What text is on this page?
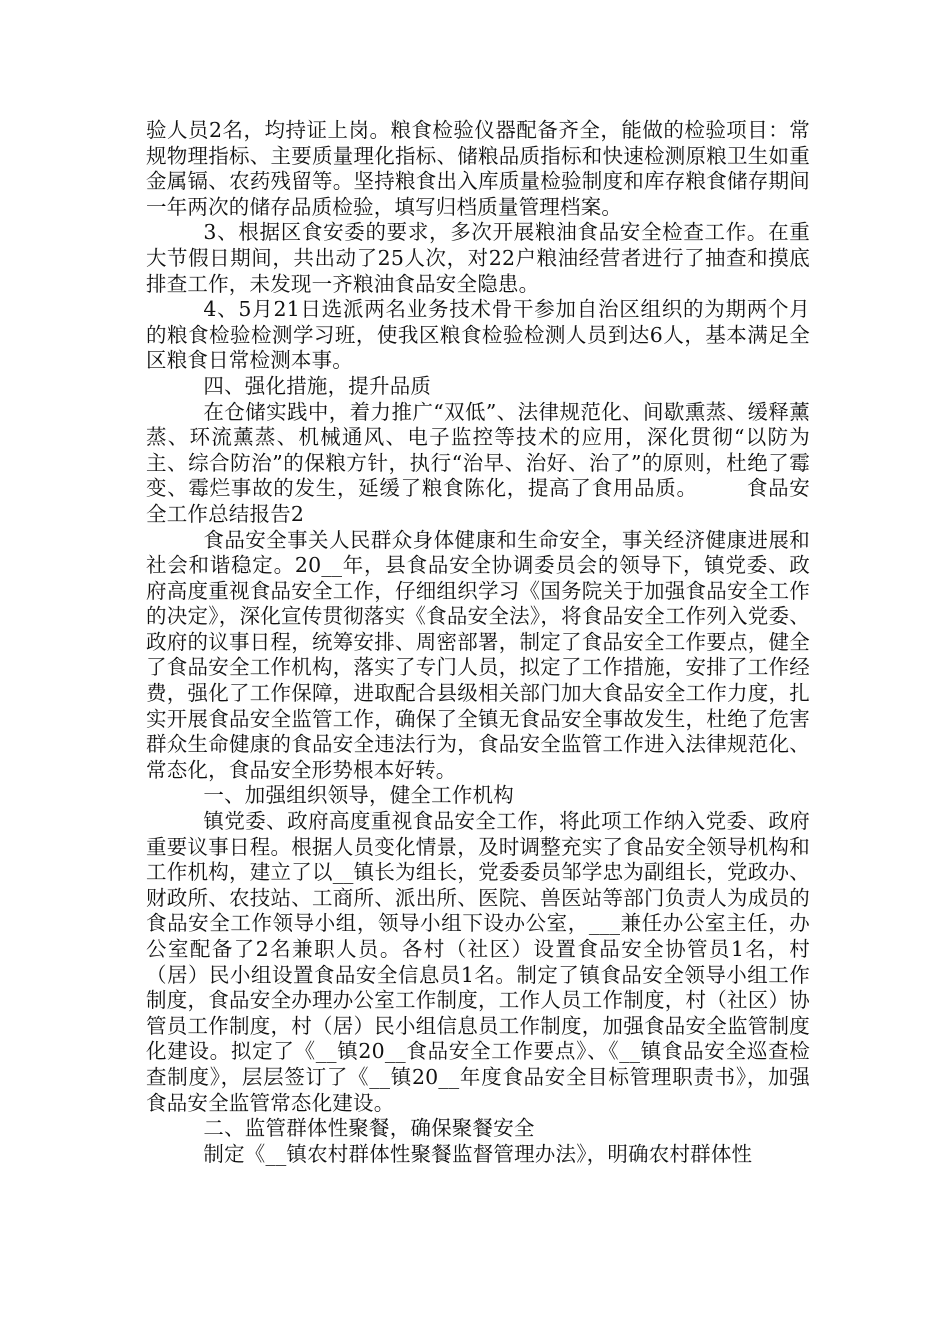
验人员2名，均持证上岗。粮食检验仪器配备齐全，能做的检验项目：常规物理指标、主要质量理化指标、储粮品质指标和快速检测原粮卫生如重金属镉、农药残留等。坚持粮食出入库质量检验制度和库存粮食储存期间一年两次的储存品质检验，填写归档质量管理档案。

3、根据区食安委的要求，多次开展粮油食品安全检查工作。在重大节假日期间，共出动了25人次，对22户粮油经营者进行了抽查和摸底排查工作，未发现一齐粮油食品安全隐患。

4、5月21日选派两名业务技术骨干参加自治区组织的为期两个月的粮食检验检测学习班，使我区粮食检验检测人员到达6人，基本满足全区粮食日常检测本事。

四、强化措施，提升品质

在仓储实践中，着力推广“双低”、法律规范化、间歇熏蒸、缓释薰蒸、环流薰蒸、机械通风、电子监控等技术的应用，深化贯彻“以防为主、综合防治”的保粮方针，执行“治早、治好、治了”的原则，杜绝了霉变、霉烂事故的发生，延缓了粮食陈化，提高了食用品质。 食品安全工作总结报告2

食品安全事关人民群众身体健康和生命安全，事关经济健康进展和社会和谐稳定。20__年，县食品安全协调委员会的领导下，镇党委、政府高度重视食品安全工作，仔细组织学习《国务院关于加强食品安全工作的决定》，深化宣传贯彻落实《食品安全法》，将食品安全工作列入党委、政府的议事日程，统筹安排、周密部署，制定了食品安全工作要点，健全了食品安全工作机构，落实了专门人员，拟定了工作措施，安排了工作经费，强化了工作保障，进取配合县级相关部门加大食品安全工作力度，扎实开展食品安全监管工作，确保了全镇无食品安全事故发生，杜绝了危害群众生命健康的食品安全违法行为，食品安全监管工作进入法律规范化、常态化，食品安全形势根本好转。

一、加强组织领导，健全工作机构

镇党委、政府高度重视食品安全工作，将此项工作纳入党委、政府重要议事日程。根据人员变化情景，及时调整充实了食品安全领导机构和工作机构，建立了以__镇长为组长，党委委员邹学忠为副组长，党政办、财政所、农技站、工商所、派出所、医院、兽医站等部门负责人为成员的食品安全工作领导小组，领导小组下设办公室，___兼任办公室主任，办公室配备了2名兼职人员。各村（社区）设置食品安全协管员1名，村（居）民小组设置食品安全信息员1名。制定了镇食品安全领导小组工作制度，食品安全办理办公室工作制度，工作人员工作制度，村（社区）协管员工作制度，村（居）民小组信息员工作制度，加强食品安全监管制度化建设。拟定了《__镇20__食品安全工作要点》、《__镇食品安全巡查检查制度》，层层签订了《__镇20__年度食品安全目标管理职责书》，加强食品安全监管常态化建设。

二、监管群体性聚餐，确保聚餐安全

制定《__镇农村群体性聚餐监督管理办法》，明确农村群体性
